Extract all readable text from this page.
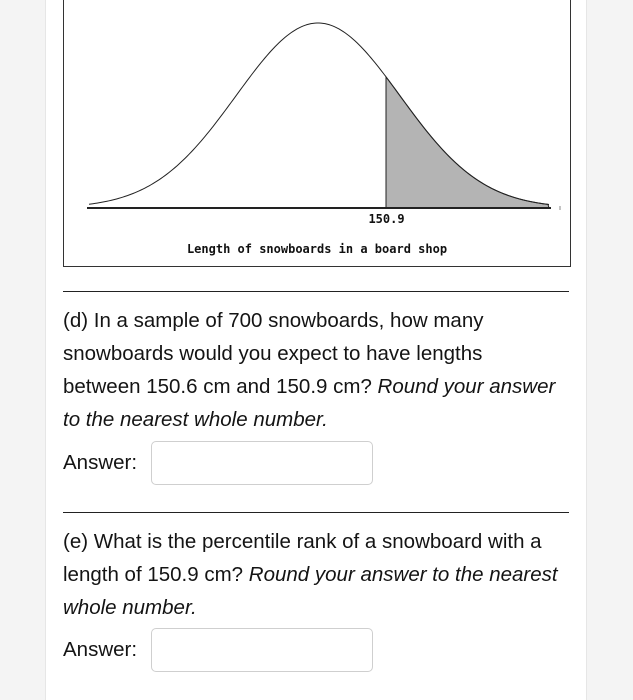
150.9
Length of snowboards in a board shop
(d) In a sample of 700 snowboards, how many snowboards would you expect to have lengths between 150.6 cm and 150.9 cm? Round your answer to the nearest whole number.
Answer:
(e) What is the percentile rank of a snowboard with a length of 150.9 cm? Round your answer to the nearest whole number.
Answer:
